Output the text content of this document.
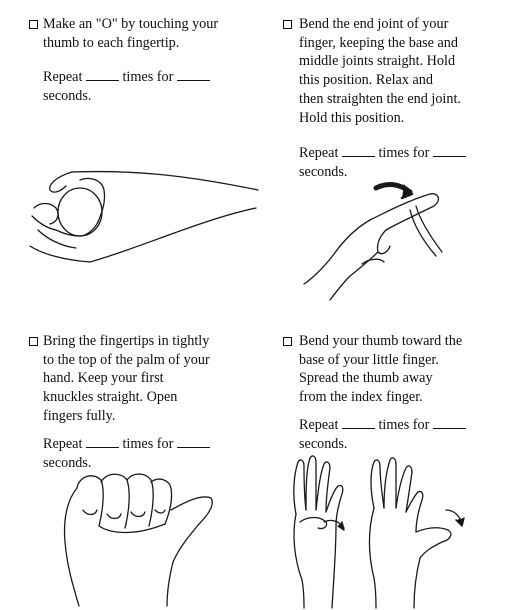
Make an "O" by touching your
thumb to each fingertip.

Repeat	times for
seconds.

Bend the end joint of your
finger, keeping the base and
middle joints straight. Hold
this position. Relax and
then straighten the end joint.
Hold this position.

Repeat	times for
seconds.

Bring the fingertips in tightly
to the top of the palm of your
hand. Keep your first
knuckles straight. Open
fingers fully.

Repeat	times for
seconds.

Bend your thumb toward the
base of your little finger.
Spread the thumb away
from the index finger.

Repeat	times for
seconds.
